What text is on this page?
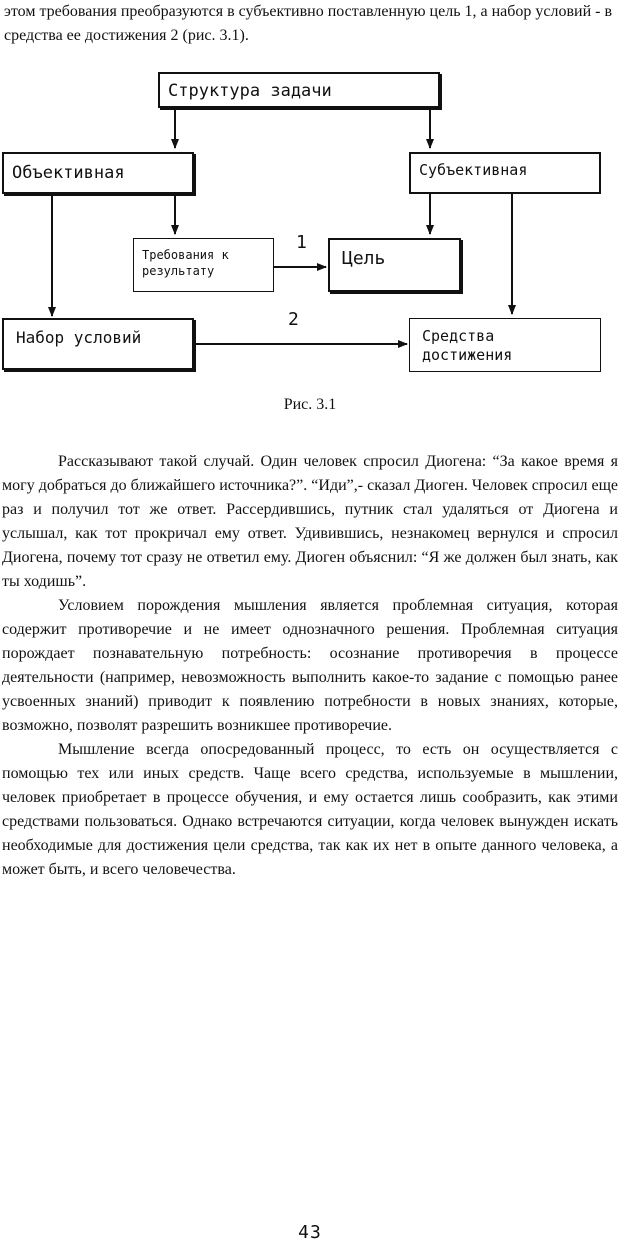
этом требования преобразуются в субъективно поставленную цель 1, а набор условий - в средства ее достижения 2 (рис. 3.1).
Структура задачи
Объективная	Субъективная
Требования к
результату
1
Цель
Набор условий
2
Средства
достижения
Рис. 3.1

Рассказывают такой случай. Один человек спросил Диогена: “За какое время я могу добраться до ближайшего источника?”. “Иди”,- сказал Диоген. Человек спросил еще раз и получил тот же ответ. Рассердившись, путник стал удаляться от Диогена и услышал, как тот прокричал ему ответ. Удивившись, незнакомец вернулся и спросил Диогена, почему тот сразу не ответил ему. Диоген объяснил: “Я же должен был знать, как ты ходишь”.

Условием порождения мышления является проблемная ситуация, которая содержит противоречие и не имеет однозначного решения. Проблемная ситуация порождает познавательную потребность: осознание противоречия в процессе деятельности (например, невозможность выполнить какое-то задание с помощью ранее усвоенных знаний) приводит к появлению потребности в новых знаниях, которые, возможно, позволят разрешить возникшее противоречие.

Мышление всегда опосредованный процесс, то есть он осуществляется с помощью тех или иных средств. Чаще всего средства, используемые в мышлении, человек приобретает в процессе обучения, и ему остается лишь сообразить, как этими средствами пользоваться. Однако встречаются ситуации, когда человек вынужден искать необходимые для достижения цели средства, так как их нет в опыте данного человека, а может быть, и всего человечества.

43
